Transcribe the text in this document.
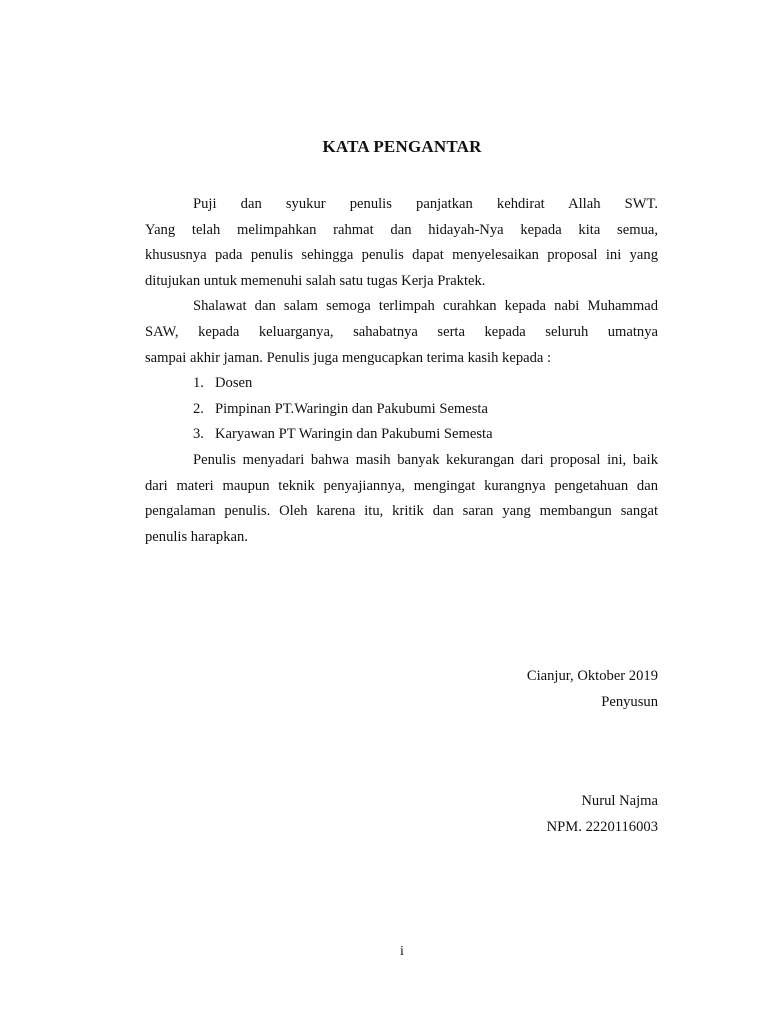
KATA PENGANTAR

Puji dan syukur penulis panjatkan kehdirat Allah SWT.

Yang telah melimpahkan rahmat dan hidayah-Nya kepada kita semua,

khususnya pada penulis sehingga penulis dapat menyelesaikan proposal ini yang

ditujukan untuk memenuhi salah satu tugas Kerja Praktek.

Shalawat dan salam semoga terlimpah curahkan kepada nabi Muhammad

SAW, kepada keluarganya, sahabatnya serta kepada seluruh umatnya

sampai akhir jaman. Penulis juga mengucapkan terima kasih kepada :

1. Dosen
2. Pimpinan PT.Waringin dan Pakubumi Semesta
3. Karyawan PT Waringin dan Pakubumi Semesta

Penulis menyadari bahwa masih banyak kekurangan dari proposal ini, baik

dari materi maupun teknik penyajiannya, mengingat kurangnya pengetahuan dan

pengalaman penulis. Oleh karena itu, kritik dan saran yang membangun sangat

penulis harapkan.

Cianjur, Oktober 2019
Penyusun
Nurul Najma
NPM. 2220116003
i
